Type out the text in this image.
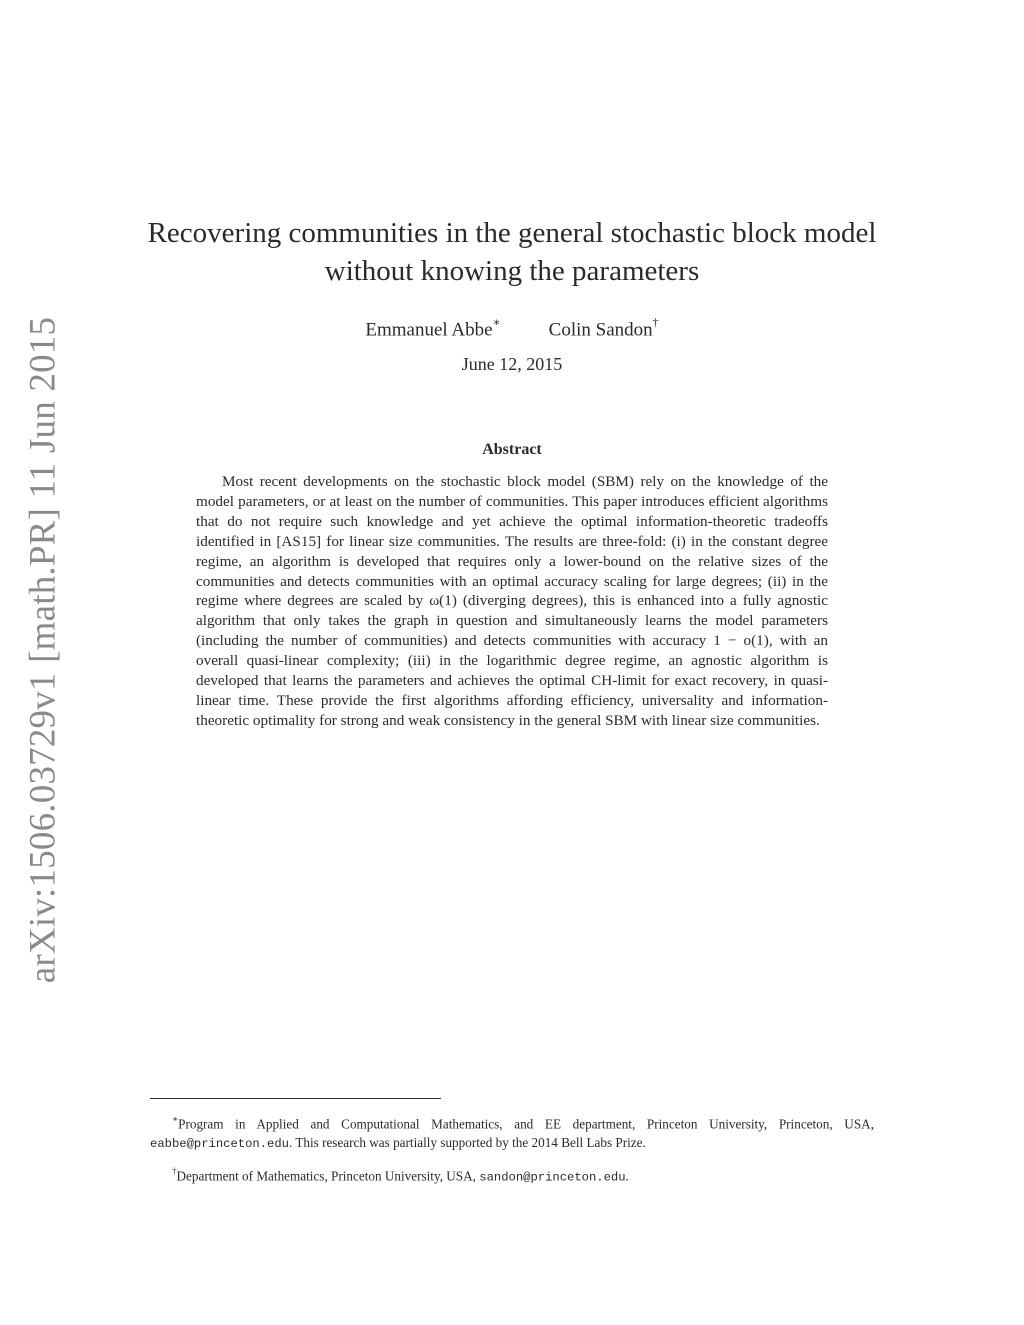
arXiv:1506.03729v1 [math.PR] 11 Jun 2015
Recovering communities in the general stochastic block model
without knowing the parameters
Emmanuel Abbe∗	Colin Sandon†
June 12, 2015
Abstract

Most recent developments on the stochastic block model (SBM) rely on the knowledge of the model parameters, or at least on the number of communities. This paper introduces efficient algorithms that do not require such knowledge and yet achieve the optimal information-theoretic tradeoffs identified in [AS15] for linear size communities. The results are three-fold: (i) in the constant degree regime, an algorithm is developed that requires only a lower-bound on the relative sizes of the communities and detects communities with an optimal accuracy scaling for large degrees; (ii) in the regime where degrees are scaled by ω(1) (diverging degrees), this is enhanced into a fully agnostic algorithm that only takes the graph in question and simultaneously learns the model parameters (including the number of communities) and detects communities with accuracy 1 − o(1), with an overall quasi-linear complexity; (iii) in the logarithmic degree regime, an agnostic algorithm is developed that learns the parameters and achieves the optimal CH-limit for exact recovery, in quasi-linear time. These provide the first algorithms affording efficiency, universality and information-theoretic optimality for strong and weak consistency in the general SBM with linear size communities.

∗Program in Applied and Computational Mathematics, and EE department, Princeton University, Princeton, USA, eabbe@princeton.edu. This research was partially supported by the 2014 Bell Labs Prize.

†Department of Mathematics, Princeton University, USA, sandon@princeton.edu.
